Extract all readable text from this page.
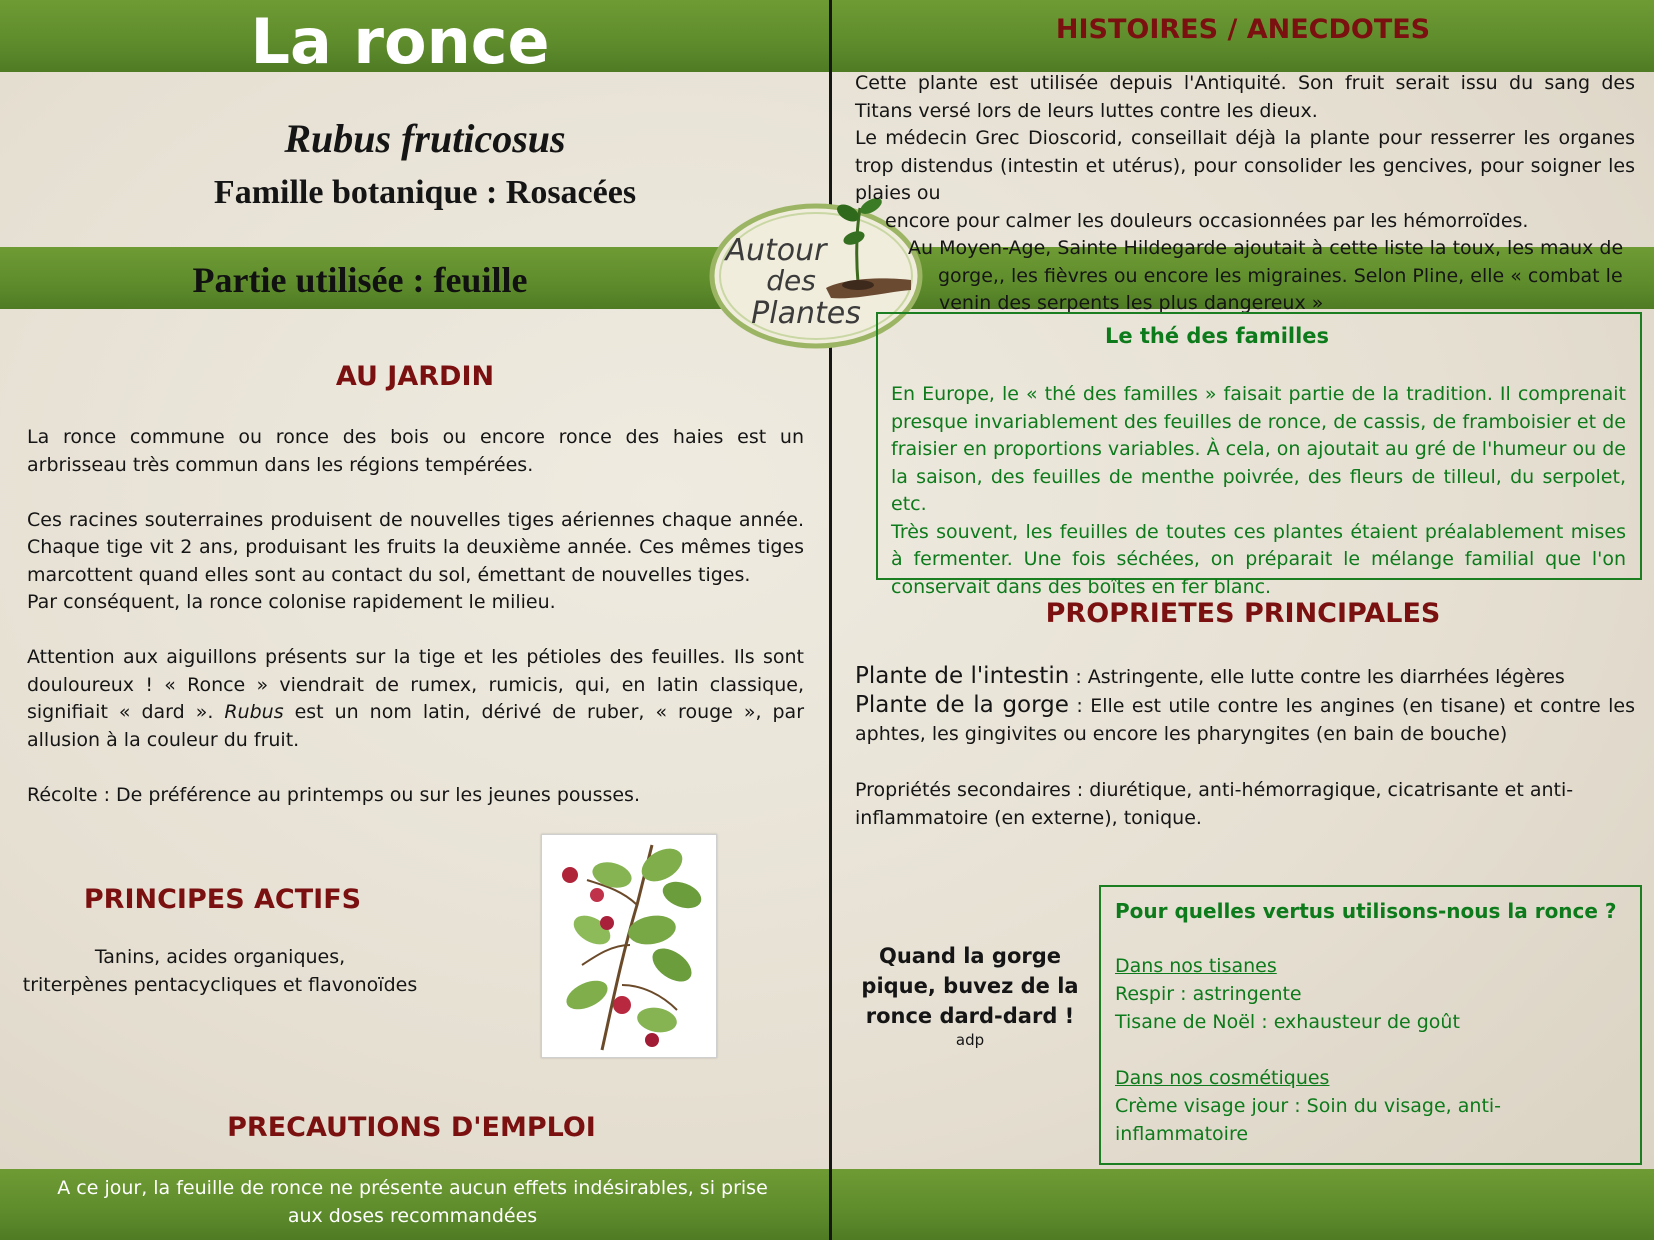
La ronce
Rubus fruticosus
Famille botanique : Rosacées
Partie utilisée : feuille
AU JARDIN

La ronce commune ou ronce des bois ou encore ronce des haies est un arbrisseau très commun dans les régions tempérées.

Ces racines souterraines produisent de nouvelles tiges aériennes chaque année. Chaque tige vit 2 ans, produisant les fruits la deuxième année. Ces mêmes tiges marcottent quand elles sont au contact du sol, émettant de nouvelles tiges.

Par conséquent, la ronce colonise rapidement le milieu.

Attention aux aiguillons présents sur la tige et les pétioles des feuilles. Ils sont douloureux ! « Ronce » viendrait de rumex, rumicis, qui, en latin classique, signifiait « dard ». Rubus est un nom latin, dérivé de ruber, « rouge », par allusion à la couleur du fruit.

Récolte : De préférence au printemps ou sur les jeunes pousses.

PRINCIPES ACTIFS
Tanins, acides organiques,
triterpènes pentacycliques et flavonoïdes
PRECAUTIONS D'EMPLOI
A ce jour, la feuille de ronce ne présente aucun effets indésirables, si prise aux doses recommandées
Autour
des
Plantes
HISTOIRES / ANECDOTES

Cette plante est utilisée depuis l'Antiquité. Son fruit serait issu du sang des Titans versé lors de leurs luttes contre les dieux.

Le médecin Grec Dioscorid, conseillait déjà la plante pour resserrer les organes trop distendus (intestin et utérus), pour consolider les gencives, pour soigner les plaies ou

encore pour calmer les douleurs occasionnées par les hémorroïdes.

Au Moyen-Age, Sainte Hildegarde ajoutait à cette liste la toux, les maux de

gorge,, les fièvres ou encore les migraines. Selon Pline, elle « combat le

venin des serpents les plus dangereux »

Le thé des familles

En Europe, le « thé des familles » faisait partie de la tradition. Il comprenait presque invariablement des feuilles de ronce, de cassis, de framboisier et de fraisier en proportions variables. À cela, on ajoutait au gré de l'humeur ou de la saison, des feuilles de menthe poivrée, des fleurs de tilleul, du serpolet, etc.

Très souvent, les feuilles de toutes ces plantes étaient préalablement mises à fermenter. Une fois séchées, on préparait le mélange familial que l'on conservait dans des boîtes en fer blanc.

PROPRIETES PRINCIPALES

Plante de l'intestin : Astringente, elle lutte contre les diarrhées légères

Plante de la gorge : Elle est utile contre les angines (en tisane) et contre les aphtes, les gingivites ou encore les pharyngites (en bain de bouche)

Propriétés secondaires : diurétique, anti-hémorragique, cicatrisante et anti-inflammatoire (en externe), tonique.

Quand la gorge
pique, buvez de la
ronce dard-dard !
adp
Pour quelles vertus utilisons-nous la ronce ?
Dans nos tisanes
Respir : astringente
Tisane de Noël : exhausteur de goût
Dans nos cosmétiques
Crème visage jour : Soin du visage, anti-inflammatoire
